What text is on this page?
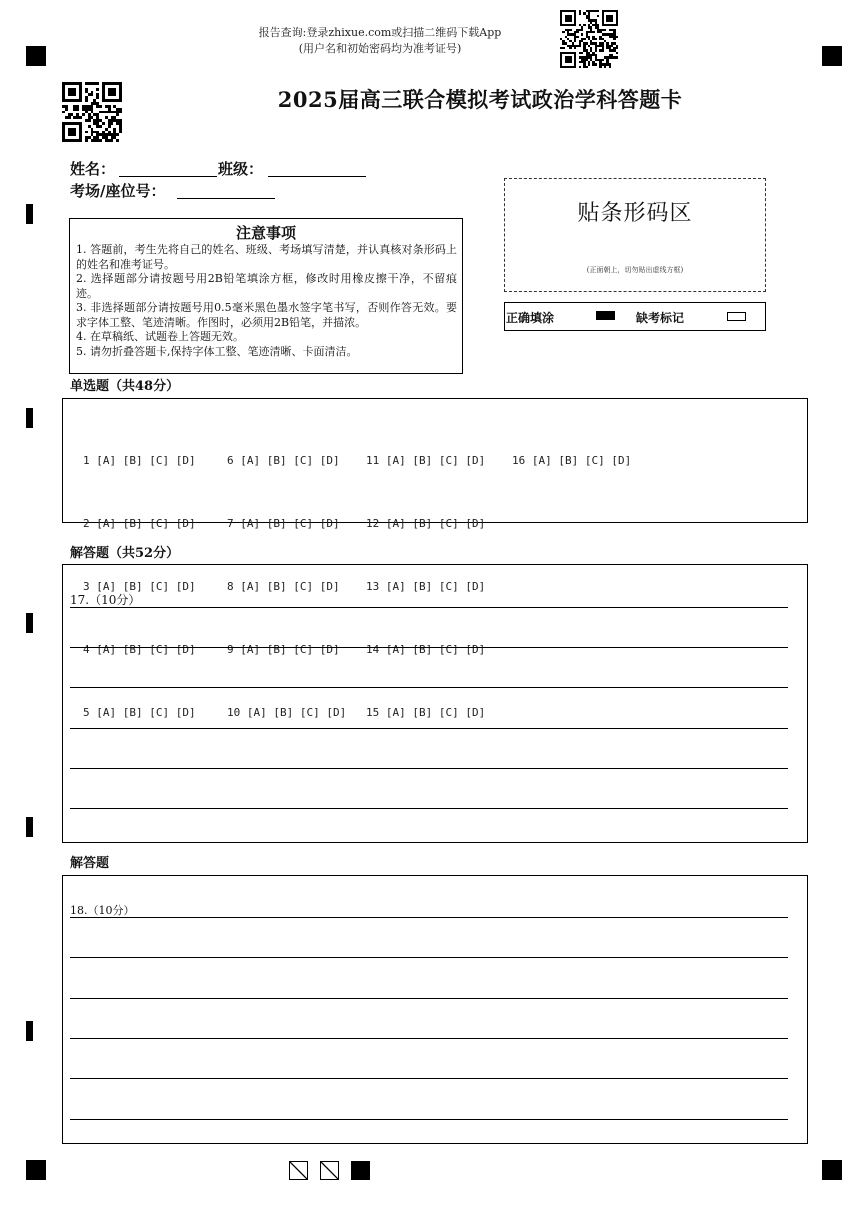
报告查询:登录zhixue.com或扫描二维码下载App
(用户名和初始密码均为准考证号)
2025届高三联合模拟考试政治学科答题卡
姓名：	班级：
考场/座位号：
注意事项
1. 答题前，考生先将自己的姓名、班级、考场填写清楚，并认真核对条形码上的姓名和准考证号。
2. 选择题部分请按题号用2B铅笔填涂方框，修改时用橡皮擦干净，不留痕迹。
3. 非选择题部分请按题号用0.5毫米黑色墨水签字笔书写，否则作答无效。要求字体工整、笔迹清晰。作图时，必须用2B铅笔，并描浓。
4. 在草稿纸、试题卷上答题无效。
5. 请勿折叠答题卡,保持字体工整、笔迹清晰、卡面清洁。
贴条形码区
(正面朝上，切勿贴出虚线方框)
正确填涂	缺考标记
单选题（共48分）

1 [A] [B] [C] [D]

2 [A] [B] [C] [D]

3 [A] [B] [C] [D]

4 [A] [B] [C] [D]

5 [A] [B] [C] [D]

6 [A] [B] [C] [D]

7 [A] [B] [C] [D]

8 [A] [B] [C] [D]

9 [A] [B] [C] [D]

10 [A] [B] [C] [D]

11 [A] [B] [C] [D]

12 [A] [B] [C] [D]

13 [A] [B] [C] [D]

14 [A] [B] [C] [D]

15 [A] [B] [C] [D]

16 [A] [B] [C] [D]

解答题（共52分）
17.（10分）
解答题
18.（10分）
